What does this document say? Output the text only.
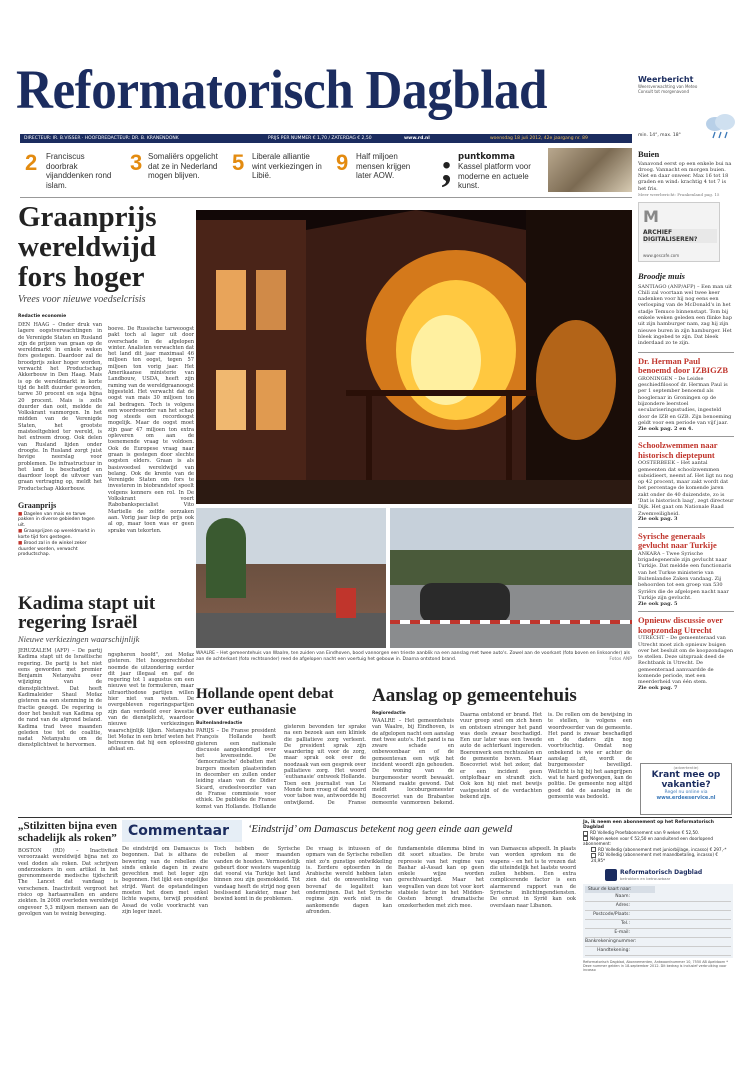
Reformatorisch Dagblad	Weerbericht
Weersverwachting van Meteo Consult tot morgenavond
min. 14°, max. 18°
DIRECTEUR: IR. B.VISSER · HOOFDREDACTEUR: DR. B. KRANENDONK	PRIJS PER NUMMER € 1,70 / ZATERDAG € 2,50	www.rd.nl	woensdag 18 juli 2012, 42e jaargang nr. 89
2 Franciscus doorbrak vijanddenken rond islam.
3 Somaliërs opgelicht dat ze in Nederland mogen blijven.
5 Liberale alliantie wint verkiezingen in Libië.
9 Half miljoen mensen krijgen later AOW.	; puntkomma
Kassel platform voor moderne en actuele kunst.
Buien
Vanavond eerst op een enkele bui na droog. Vannacht en morgen buien. Niet en daar onweer. Max 16 tot 18 graden en wind: krachtig 4 tot 7 is het fris.
Meer weerbericht: Frankenland pag. 15
Graanprijs
wereldwijd
fors hoger
Vrees voor nieuwe voedselcrisis
Redactie economie
DEN HAAG – Onder druk van lagere oogstverwachtingen in de Verenigde Staten en Rusland zijn de prijzen van graan op de wereldmarkt in enkele weken fors gestegen. Daardoor zal de broodprijs zeker hoger worden, verwacht het Productschap Akkerbouw in Den Haag. Mais is op de wereldmarkt in korte tijd de helft duurder geworden, tarwe 30 procent en soja bijna 20 procent. Mais is zelfs duurder dan ooit, meldde de Volkskrant vanmorgen. In het midden van de Verenigde Staten, het grootste maisteeltgebied ter wereld, is het extreem droog. Ook delen van Rusland lijden onder droogte. In Rusland zorgt juist hevige neerslag voor problemen. De infrastructuur in het land is beschadigd en daardoor loopt de uitvoer van graan vertraging op, meldt het Productschap Akkerbouw.
Graanprijs
■ Dagelen van mais en tarwe pakken in diverse gebieden tegen uit.
■ Graanprijzen op wereldmarkt in korte tijd fors gestegen.
■ Brood zal in de winkel zeker duurder worden, verwacht productschap.
boeve. De Russische tarweoogst pakt toch al lager uit door overschade in de afgelopen winter. Analisten verwachten dat het land dit jaar maximaal 46 miljoen ton oogst, tegen 57 miljoen ton vorig jaar. Het Amerikaanse ministerie van Landbouw, USDA, heeft zijn raming van de wereldgraanoogst bijgesteld. Het verwacht dat de oogst van mais 30 miljoen ton zal bedragen. Toch is volgens een woordvoerder van het schap nog steeds een recordoogst mogelijk. Maar de oogst moet zijn gaar 47 miljoen ton extra opleveren om aan de toenemende vraag te voldoen. Ook de Europese vraag naar graan is gestegen door slechte oogsten elders. Graan is als basisvoedsel wereldwijd van belang. Ook de krente van de Verenigde Staten om fors te investeren in biobrandstof speelt volgens kenners een rol. In De Volkskrant voert Rabobankspecialist Vito Martielle de zelfde oorzaken aan. Vorig jaar liep de prijs ook al op, maar toen was er geen sprake van tekorten.
WAALRE – Het gemeentehuis van Waalre, ten zuiden van Eindhoven, bood vannorgen een trieste aanblik na een aanslag met twee auto's. Zowel aan de voorkant (foto boven en linksonder) als aan de achterkant (foto rechtsonder) reed de afgelopen nacht een voertuig het gebouw in. Daarna ontstond brand.	Fotos ANP
Kadima stapt uit
regering Israël
Nieuwe verkiezingen waarschijnlijk
JERUZALEM (AFP) – De partij Kadima stapt uit de Israëlische regering. De partij is het niet eens geworden met premier Benjamin Netanyahu over wijziging van de dienstplichtwet. Dat heeft Kadimaleider Shaul Mofaz gisteren na een stemming in de fractie gezegd. De regering is door het besluit van Kadima op de rand van de afgrond beland. Kadima trad twee maanden geleden toe tot de coalitie, nadat Netanyahu om de dienstplichtwet te hervormen.
ngspheren hoofd", zei Mofaz gisteren. Het hooggerechtshof noemde de uitzondering eerder dit jaar illegaal en gaf de regering tot 1 augustus om een nieuwe wet te formuleren, maar ultraorthodoxe partijen willen hier niet van weten. De overgebleven regeringspartijen zijn dan verdeeld over kwestie van de dienstplicht, waardoor nieuwe verkiezingen waarschijnlijk lijken. Netanyahu liet Mofaz in een brief weten het betreuren dat hij een oplossing afslaat en.
Hollande opent debat
over euthanasie
Buitenlandredactie
PARIJS – De Franse president François Hollande heeft gisteren een nationale discussie aangekondigd over het levenseinde. De ‘democratische’ debatten met burgers moeten plaatsvinden in december en zullen onder leiding staan van de Didier Sicard, eredeelvoorziter van de Franse commissie voor ethiek. De publieke de Franse komst van Hollande. Hollande
gisteren bevonden ter sprake na een bezoek aan een kliniek die palliatieve zorg verleent. De president sprak zijn waardering uit voor de zorg, maar sprak ook over de noodzaak van een gesprek over palliatieve zorg. Het woord ‘euthanasie’ ontweek Hollande. Toen een journalist van Le Monde hem vroeg of dat woord voor taboe was, antwoordde hij ontwijkend. De Franse
Aanslag op gemeentehuis
Regioredactie
WAALRE – Het gemeentehuis van Waalre, bij Eindhoven, is de afgelopen nacht een aanslag met twee auto's. Het pand is na zware schade en onbewoonbaar en of de gemeentevan een wijk het incident woordt zijn gehouden. De woning van de burgemeester wordt bewaakt. Niemand raakte gewond. Dat meldt locoburgemeester Boscovriet van de Brabantse gemeente vanmorgen bekend.
Daarna ontstond er brand. Het vuur greep snel om zich heen en ontstoen strenger het pand was deels zwaar beschadigd. Een uur later was een tweede auto de achterkant ingereden. Boerenwerk een rechtszalen en de gemeente boven. Maar Boscovriet wist het zeker, dat er een incident geen ontplofbaar en strandt zich. Ook kon hij niet met bewijs vastgesteld of de verdachten bekend zijn.
is. De rollen om de bewijsing in te stellen, is volgens een woordvoerder van de gemeente. Het pand is zwaar beschadigd en de daders zijn nog voortvluchtig. Omdat nog onbekend is wie er achter de aanslag zit, wordt de burgemeester beveiligd. Wellicht is hij bij het aangrijpen wat te hard gedwongen, kan de politie. De gemeente nog altijd goed dat de aanslag in de gemeente was bedoeld.
M
ARCHIEF DIGITALISEREN?
www.gescafe.com
Broodje muis
SANTIAGO (ANP/AFP) – Een man uit Chili zal voortaan wel twee keer nadenken voor hij nog eens een verlosping van de McDonald's in het stadje Temuco binnenstapt. Tom bij enkele weken geleden een flinke hap uit zijn hamburger nam, zag hij zijn nieuwe buren in zijn hamburger. Het bleek ingebed te zijn. Dat bleek inderdaad zo te zijn.
Dr. Herman Paul benoemd door IZBIGZB
GRONINGEN – De Leidse geschiedfilosoof dr. Herman Paul is per 1 september benoemd als hoogleraar in Groningen op de bijzondere leerstoel seculariseringsstudies, ingesteld door de IZB en GZB. Zijn benoeming geldt voor een periode van vijf jaar.
Zie ook pag. 2 en 4.
Schoolzwemmen naar historisch dieptepunt
OOSTERBEEK – Het aantal gemeenten dat schoolzwemmen subsidieert, neemt af. Het ligt nu nog op 42 procent, maar zakt wordt dat het percentage de komende jaren zakt onder de 40 duizendste, zo is 'Dat is historisch laag', zegt directeur Dijk. Het gaat om Nationale Raad Zwemveiligheid.
Zie ook pag. 3
Syrische generaals gevlucht naar Turkije
ANKARA – Twee Syrische brigadegenerale zijn gevlucht naar Turkije. Dat meldde een functionaris van het Turkse ministerie van Buitenlandse Zaken vandaag. Zij behoorden tot een groep van 530 Syriërs die de afgelopen nacht naar Turkije zijn gevlucht.
Zie ook pag. 5
Opnieuw discussie over koopzondag Utrecht
UTRECHT – De gemeenteraad van Utrecht moet zich opnieuw buigen over het besluit om de koopzondagen te stellen. Deze uitspraak deed de Rechtbank in Utrecht. De gemeenteraad aanvaardde de komende periode, met een meerderheid van één stem.
Zie ook pag. 7
(advertentie)
Krant mee op
vakantie?
Regel nu online via
www.erdeeservice.nl
„Stilzitten bijna even schadelijk als roken”
BOSTON (RD) – Inactiviteit veroorzaakt wereldwijd bijna net zo veel doden als roken. Dat schrijven onderzoekers in een artikel in het gerenommeerde medische tijdschrift The Lancet dat vandaag is verschenen. Inactiviteit vergroot het risico op hartaanvallen en andere ziekten. In 2008 overleden wereldwijd ongeveer 5,3 miljoen mensen aan de gevolgen van te weinig beweging.
Commentaar	‘Eindstrijd’ om Damascus betekent nog geen einde aan geweld
De eindstrijd om Damascus is begonnen. Dat is althans de bewering van de rebellen die sinds enkele dagen in zware gevechten met het leger zijn begonnen. Het lijkt een ongelijke strijd. Want de opstandelingen moeten het doen met enkel lichte wapens, terwijl president Assad de volle voorkracht van zijn leger inzet.
Toch hebben de Syrische rebellen al meer maanden vanden de houden. Vermoedelijk gebeurt door westers wapentuig dat vooral via Turkije het land binnen zou zijn gesmokkeld. Tot vandaag heeft de strijd nog geen beslissend karakter, maar het bewind komt in de problemen.
De vraag is intussen of de opmars van de Syrische rebellen niet zo'n gunstige ontwikkeling is. Eerdere optoerden in de Arabische wereld hebben laten zien dat de omwenteling van bovenaf de legaliteit kan ondermijnen. Dat het Syrische regime zijn werk niet in de aankomende dagen kan afronden.
fundamentele dilemma blind in dit soort situaties. De brute repressie van het regime van Bashar al-Assad kan op geen enkele wijze worden gerechtvaardigd. Maar het wegvallen van deze tot voor kort stabiele factor in het Midden-Oosten brengt dramatische onzekerheden met zich mee.
van Damascus afspeelt. In plaats van worden spreken nu de wapens – en het is te vrezen dat die uiteindelijk het laatste woord zullen hebben. Een extra complicerende factor is een alarmerend rapport van de Syrische inlichtingendiensten. De onrust in Syrië kan ook overslaan naar Libanon.
Ja, ik neem een abonnement op het Reformatorisch Dagblad
RD Volledig Proefabonnement van 9 weken € 52,50.
Nègen weken voor € 52,50 en aansluitend een doorlopend abonnement:
RD Volledig (abonnement met juniorbijlage, incasso) € 297,-*
RD Volledig (abonnement met maandbetaling, incasso) € 24,95*
Reformatorisch Dagblad
betrokken en betrouwbaar
Stuur de kaart naar:
Naam:
Adres:
Postcode/Plaats:
Tel.:
E-mail:
Bankrekeningnummer:
Handtekening:
Reformatorisch Dagblad, Abonnementen, Antwoordnummer 10, 7550 AB Apeldoorn * Deze nummer gelden in 18-september 2012. Dit bedrag is inclusief verbruiking voor incasso
